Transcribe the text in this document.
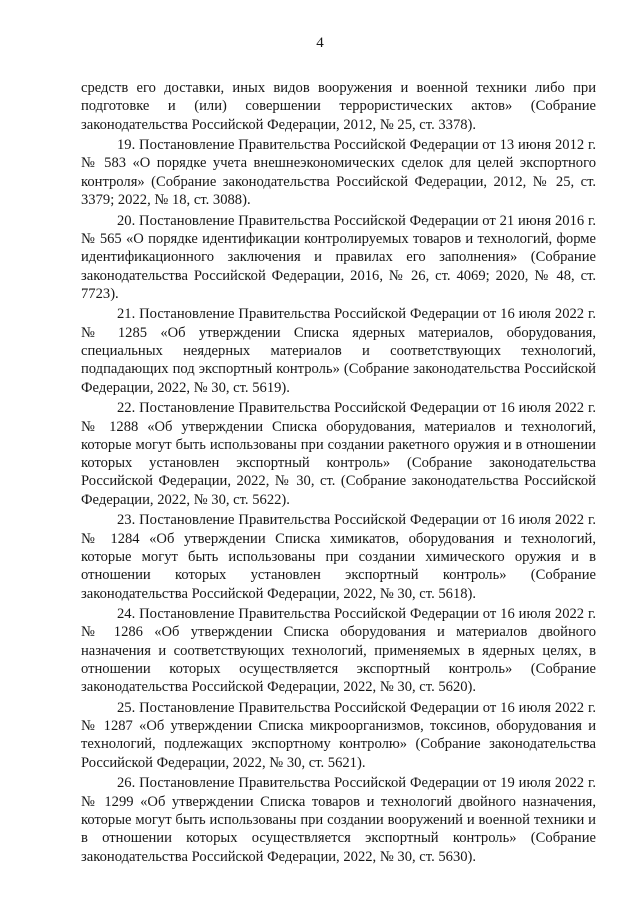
4

средств его доставки, иных видов вооружения и военной техники либо при подготовке и (или) совершении террористических актов» (Собрание законодательства Российской Федерации, 2012, № 25, ст. 3378).

19. Постановление Правительства Российской Федерации от 13 июня 2012 г. № 583 «О порядке учета внешнеэкономических сделок для целей экспортного контроля» (Собрание законодательства Российской Федерации, 2012, № 25, ст. 3379; 2022, № 18, ст. 3088).

20. Постановление Правительства Российской Федерации от 21 июня 2016 г. № 565 «О порядке идентификации контролируемых товаров и технологий, форме идентификационного заключения и правилах его заполнения» (Собрание законодательства Российской Федерации, 2016, № 26, ст. 4069; 2020, № 48, ст. 7723).

21. Постановление Правительства Российской Федерации от 16 июля 2022 г. № 1285 «Об утверждении Списка ядерных материалов, оборудования, специальных неядерных материалов и соответствующих технологий, подпадающих под экспортный контроль» (Собрание законодательства Российской Федерации, 2022, № 30, ст. 5619).

22. Постановление Правительства Российской Федерации от 16 июля 2022 г. № 1288 «Об утверждении Списка оборудования, материалов и технологий, которые могут быть использованы при создании ракетного оружия и в отношении которых установлен экспортный контроль» (Собрание законодательства Российской Федерации, 2022, № 30, ст. (Собрание законодательства Российской Федерации, 2022, № 30, ст. 5622).

23. Постановление Правительства Российской Федерации от 16 июля 2022 г. № 1284 «Об утверждении Списка химикатов, оборудования и технологий, которые могут быть использованы при создании химического оружия и в отношении которых установлен экспортный контроль» (Собрание законодательства Российской Федерации, 2022, № 30, ст. 5618).

24. Постановление Правительства Российской Федерации от 16 июля 2022 г. № 1286 «Об утверждении Списка оборудования и материалов двойного назначения и соответствующих технологий, применяемых в ядерных целях, в отношении которых осуществляется экспортный контроль» (Собрание законодательства Российской Федерации, 2022, № 30, ст. 5620).

25. Постановление Правительства Российской Федерации от 16 июля 2022 г. № 1287 «Об утверждении Списка микроорганизмов, токсинов, оборудования и технологий, подлежащих экспортному контролю» (Собрание законодательства Российской Федерации, 2022, № 30, ст. 5621).

26. Постановление Правительства Российской Федерации от 19 июля 2022 г. № 1299 «Об утверждении Списка товаров и технологий двойного назначения, которые могут быть использованы при создании вооружений и военной техники и в отношении которых осуществляется экспортный контроль» (Собрание законодательства Российской Федерации, 2022, № 30, ст. 5630).
